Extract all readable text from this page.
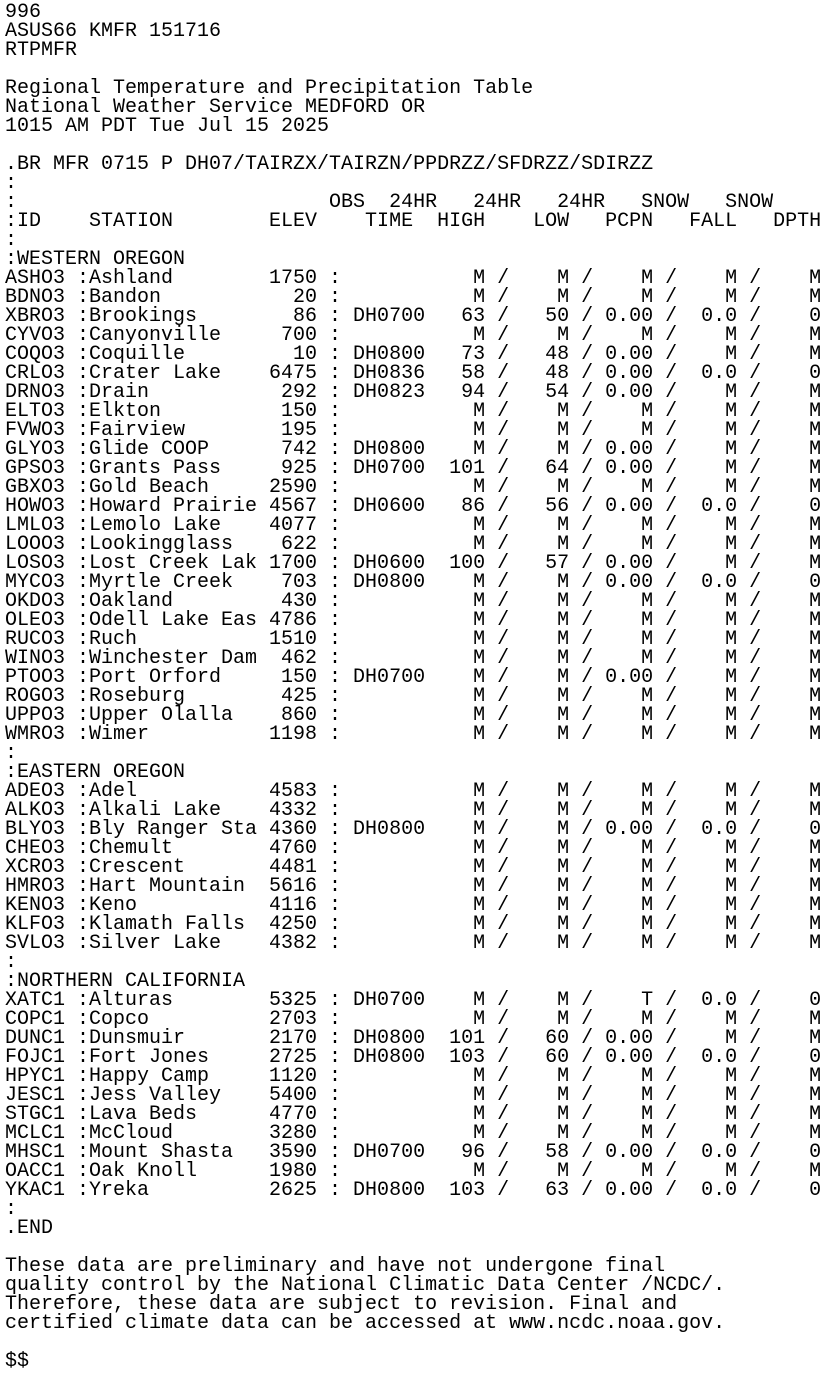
996
ASUS66 KMFR 151716
RTPMFR
Regional Temperature and Precipitation Table
National Weather Service MEDFORD OR
1015 AM PDT Tue Jul 15 2025
.BR MFR 0715 P DH07/TAIRZX/TAIRZN/PPDRZZ/SFDRZZ/SDIRZZ
:
:                          OBS  24HR   24HR   24HR   SNOW   SNOW
:ID    STATION        ELEV    TIME  HIGH    LOW   PCPN   FALL   DPTH
:
:WESTERN OREGON
ASHO3 :Ashland        1750 :           M /    M /    M /    M /    M
BDNO3 :Bandon           20 :           M /    M /    M /    M /    M
XBRO3 :Brookings        86 : DH0700   63 /   50 / 0.00 /  0.0 /    0
CYVO3 :Canyonville     700 :           M /    M /    M /    M /    M
COQO3 :Coquille         10 : DH0800   73 /   48 / 0.00 /    M /    M
CRLO3 :Crater Lake    6475 : DH0836   58 /   48 / 0.00 /  0.0 /    0
DRNO3 :Drain           292 : DH0823   94 /   54 / 0.00 /    M /    M
ELTO3 :Elkton          150 :           M /    M /    M /    M /    M
FVWO3 :Fairview        195 :           M /    M /    M /    M /    M
GLYO3 :Glide COOP      742 : DH0800    M /    M / 0.00 /    M /    M
GPSO3 :Grants Pass     925 : DH0700  101 /   64 / 0.00 /    M /    M
GBXO3 :Gold Beach     2590 :           M /    M /    M /    M /    M
HOWO3 :Howard Prairie 4567 : DH0600   86 /   56 / 0.00 /  0.0 /    0
LMLO3 :Lemolo Lake    4077 :           M /    M /    M /    M /    M
LOOO3 :Lookingglass    622 :           M /    M /    M /    M /    M
LOSO3 :Lost Creek Lak 1700 : DH0600  100 /   57 / 0.00 /    M /    M
MYCO3 :Myrtle Creek    703 : DH0800    M /    M / 0.00 /  0.0 /    0
OKDO3 :Oakland         430 :           M /    M /    M /    M /    M
OLEO3 :Odell Lake Eas 4786 :           M /    M /    M /    M /    M
RUCO3 :Ruch           1510 :           M /    M /    M /    M /    M
WINO3 :Winchester Dam  462 :           M /    M /    M /    M /    M
PTOO3 :Port Orford     150 : DH0700    M /    M / 0.00 /    M /    M
ROGO3 :Roseburg        425 :           M /    M /    M /    M /    M
UPPO3 :Upper Olalla    860 :           M /    M /    M /    M /    M
WMRO3 :Wimer          1198 :           M /    M /    M /    M /    M
:
:EASTERN OREGON
ADEO3 :Adel           4583 :           M /    M /    M /    M /    M
ALKO3 :Alkali Lake    4332 :           M /    M /    M /    M /    M
BLYO3 :Bly Ranger Sta 4360 : DH0800    M /    M / 0.00 /  0.0 /    0
CHEO3 :Chemult        4760 :           M /    M /    M /    M /    M
XCRO3 :Crescent       4481 :           M /    M /    M /    M /    M
HMRO3 :Hart Mountain  5616 :           M /    M /    M /    M /    M
KENO3 :Keno           4116 :           M /    M /    M /    M /    M
KLFO3 :Klamath Falls  4250 :           M /    M /    M /    M /    M
SVLO3 :Silver Lake    4382 :           M /    M /    M /    M /    M
:
:NORTHERN CALIFORNIA
XATC1 :Alturas        5325 : DH0700    M /    M /    T /  0.0 /    0
COPC1 :Copco          2703 :           M /    M /    M /    M /    M
DUNC1 :Dunsmuir       2170 : DH0800  101 /   60 / 0.00 /    M /    M
FOJC1 :Fort Jones     2725 : DH0800  103 /   60 / 0.00 /  0.0 /    0
HPYC1 :Happy Camp     1120 :           M /    M /    M /    M /    M
JESC1 :Jess Valley    5400 :           M /    M /    M /    M /    M
STGC1 :Lava Beds      4770 :           M /    M /    M /    M /    M
MCLC1 :McCloud        3280 :           M /    M /    M /    M /    M
MHSC1 :Mount Shasta   3590 : DH0700   96 /   58 / 0.00 /  0.0 /    0
OACC1 :Oak Knoll      1980 :           M /    M /    M /    M /    M
YKAC1 :Yreka          2625 : DH0800  103 /   63 / 0.00 /  0.0 /    0
:
.END
These data are preliminary and have not undergone final
quality control by the National Climatic Data Center /NCDC/.
Therefore, these data are subject to revision. Final and
certified climate data can be accessed at www.ncdc.noaa.gov.
$$
